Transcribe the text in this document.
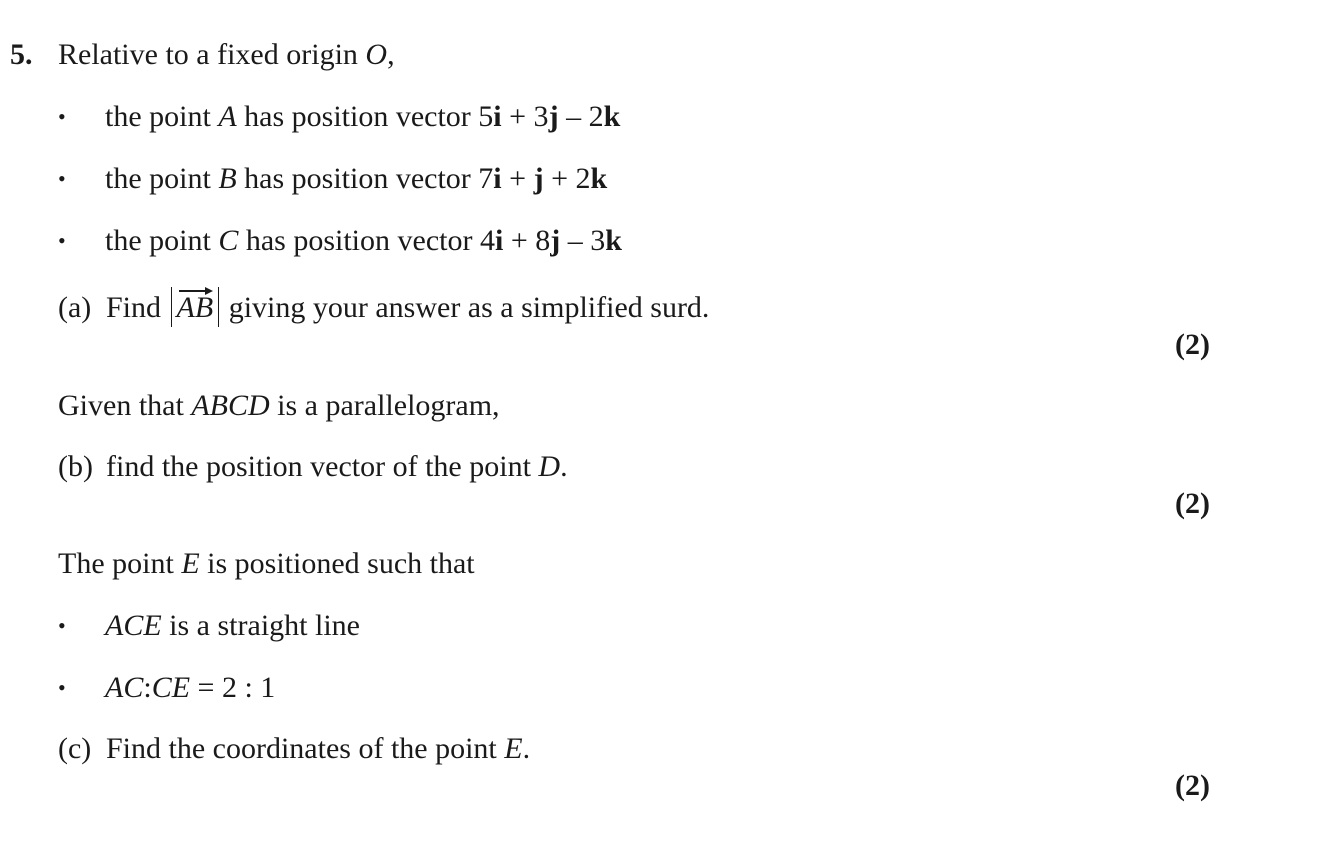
5. Relative to a fixed origin O,
• the point A has position vector 5i + 3j – 2k
• the point B has position vector 7i + j + 2k
• the point C has position vector 4i + 8j – 3k
(a) Find AB giving your answer as a simplified surd.
(2)
Given that ABCD is a parallelogram,
(b) find the position vector of the point D.
(2)
The point E is positioned such that
• ACE is a straight line
• AC:CE = 2 : 1
(c) Find the coordinates of the point E.
(2)
